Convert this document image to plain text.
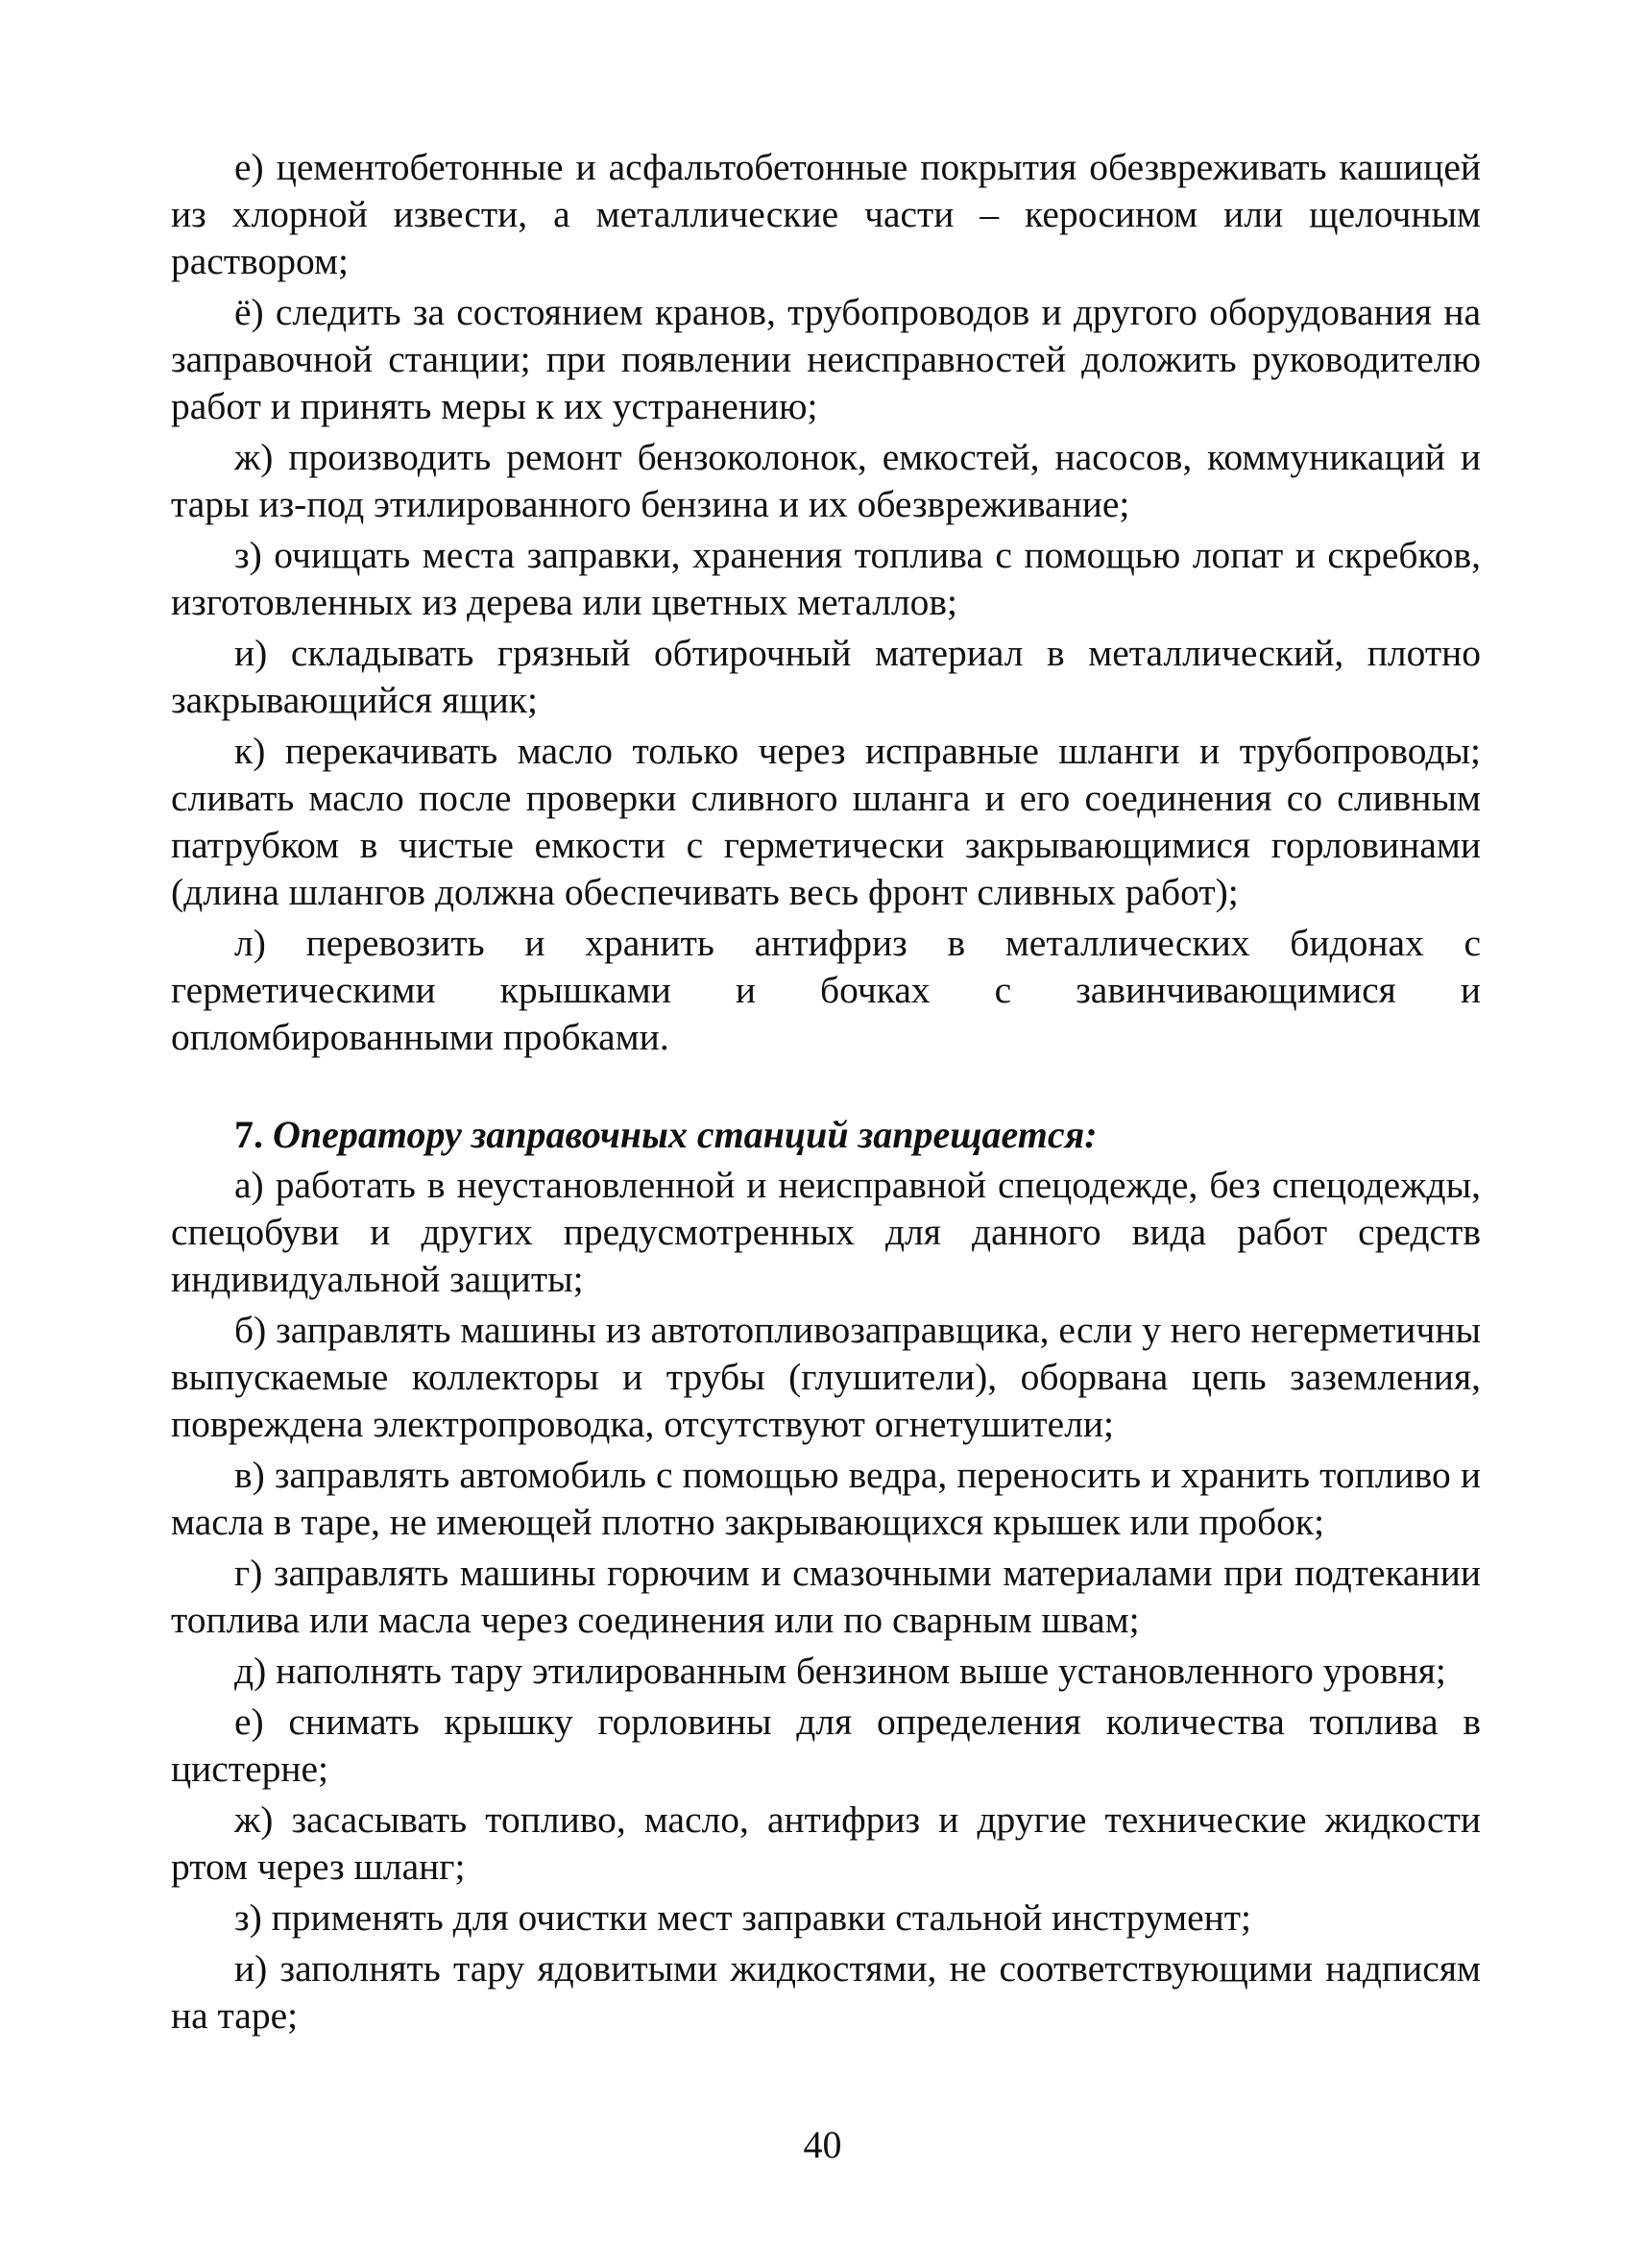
е) цементобетонные и асфальтобетонные покрытия обезвреживать кашицей из хлорной извести, а металлические части – керосином или щелочным раствором;

ё) следить за состоянием кранов, трубопроводов и другого оборудования на заправочной станции; при появлении неисправностей доложить руководителю работ и принять меры к их устранению;

ж) производить ремонт бензоколонок, емкостей, насосов, коммуникаций и тары из-под этилированного бензина и их обезвреживание;

з) очищать места заправки, хранения топлива с помощью лопат и скребков, изготовленных из дерева или цветных металлов;

и) складывать грязный обтирочный материал в металлический, плотно закрывающийся ящик;

к) перекачивать масло только через исправные шланги и трубопроводы; сливать масло после проверки сливного шланга и его соединения со сливным патрубком в чистые емкости с герметически закрывающимися горловинами (длина шлангов должна обеспечивать весь фронт сливных работ);

л) перевозить и хранить антифриз в металлических бидонах с герметическими крышками и бочках с завинчивающимися и опломбированными пробками.

7. Оператору заправочных станций запрещается:

а) работать в неустановленной и неисправной спецодежде, без спецодежды, спецобуви и других предусмотренных для данного вида работ средств индивидуальной защиты;

б) заправлять машины из автотопливозаправщика, если у него негерметичны выпускаемые коллекторы и трубы (глушители), оборвана цепь заземления, повреждена электропроводка, отсутствуют огнетушители;

в) заправлять автомобиль с помощью ведра, переносить и хранить топливо и масла в таре, не имеющей плотно закрывающихся крышек или пробок;

г) заправлять машины горючим и смазочными материалами при подтекании топлива или масла через соединения или по сварным швам;

д) наполнять тару этилированным бензином выше установленного уровня;

е) снимать крышку горловины для определения количества топлива в цистерне;

ж) засасывать топливо, масло, антифриз и другие технические жидкости ртом через шланг;

з) применять для очистки мест заправки стальной инструмент;

и) заполнять тару ядовитыми жидкостями, не соответствующими надписям на таре;

40
